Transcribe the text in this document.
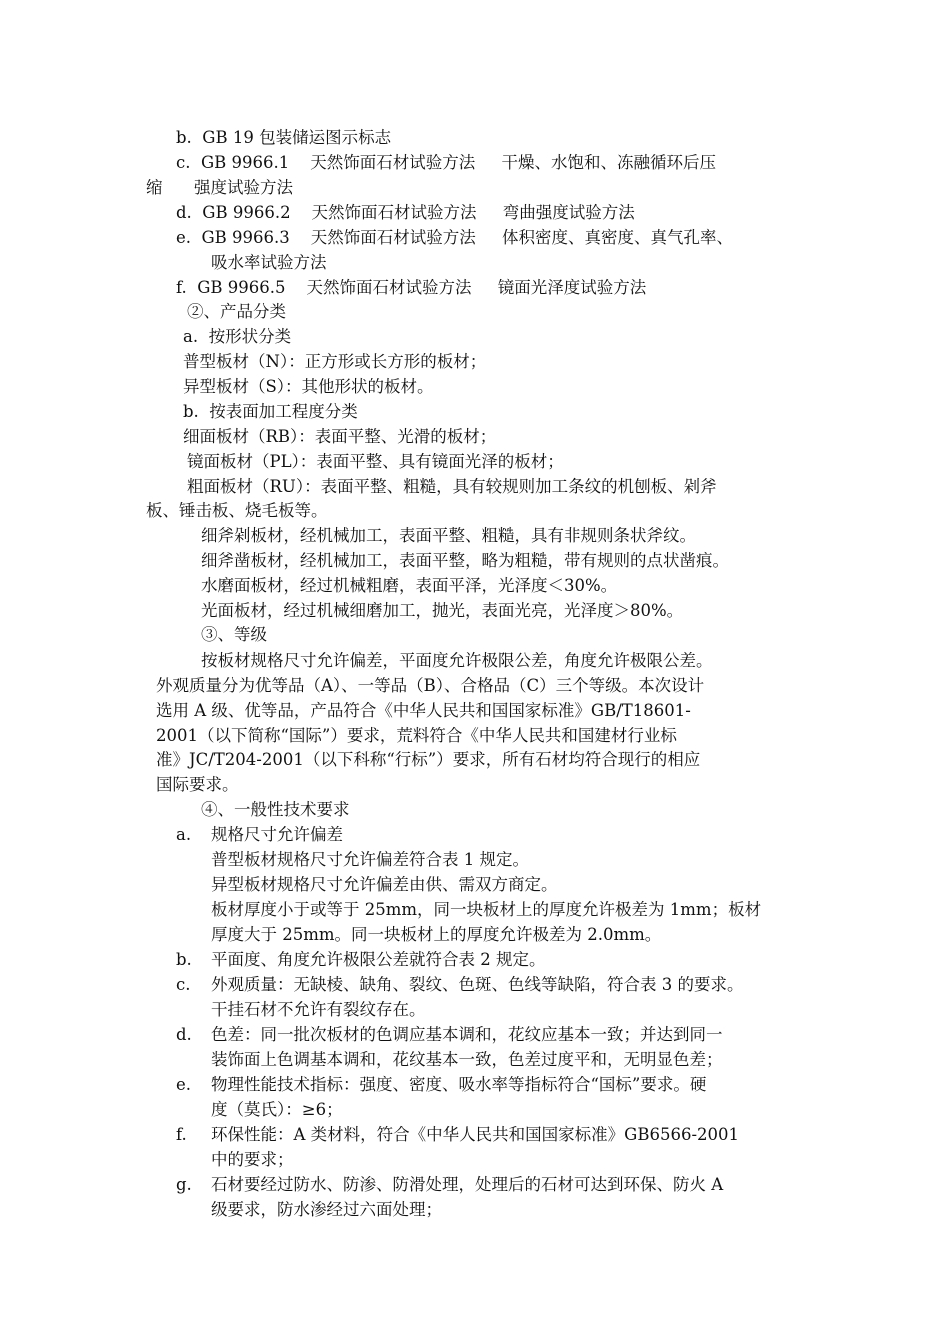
b.  GB 19 包装储运图示标志

c.  GB 9966.1    天然饰面石材试验方法     干燥、水饱和、冻融循环后压

缩      强度试验方法

d.  GB 9966.2    天然饰面石材试验方法     弯曲强度试验方法

e.  GB 9966.3    天然饰面石材试验方法     体积密度、真密度、真气孔率、

吸水率试验方法

f.  GB 9966.5    天然饰面石材试验方法     镜面光泽度试验方法

②、产品分类

a.  按形状分类

普型板材（N）：正方形或长方形的板材；

异型板材（S）：其他形状的板材。

b.  按表面加工程度分类

细面板材（RB）：表面平整、光滑的板材；

镜面板材（PL）：表面平整、具有镜面光泽的板材；

粗面板材（RU）：表面平整、粗糙，具有较规则加工条纹的机刨板、剁斧

板、锤击板、烧毛板等。

细斧剁板材，经机械加工，表面平整、粗糙，具有非规则条状斧纹。

细斧凿板材，经机械加工，表面平整，略为粗糙，带有规则的点状凿痕。

水磨面板材，经过机械粗磨，表面平泽，光泽度＜30%。

光面板材，经过机械细磨加工，抛光，表面光亮，光泽度＞80%。

③、等级

按板材规格尺寸允许偏差，平面度允许极限公差，角度允许极限公差。

外观质量分为优等品（A）、一等品（B）、合格品（C）三个等级。本次设计

选用 A 级、优等品，产品符合《中华人民共和国国家标准》GB/T18601-

2001（以下简称“国际”）要求，荒料符合《中华人民共和国建材行业标

准》JC/T204-2001（以下科称“行标”）要求，所有石材均符合现行的相应

国际要求。

④、一般性技术要求

a. 规格尺寸允许偏差

普型板材规格尺寸允许偏差符合表 1 规定。

异型板材规格尺寸允许偏差由供、需双方商定。

板材厚度小于或等于 25mm，同一块板材上的厚度允许极差为 1mm；板材

厚度大于 25mm。同一块板材上的厚度允许极差为 2.0mm。

b. 平面度、角度允许极限公差就符合表 2 规定。

c. 外观质量：无缺棱、缺角、裂纹、色斑、色线等缺陷，符合表 3 的要求。

干挂石材不允许有裂纹存在。

d. 色差：同一批次板材的色调应基本调和，花纹应基本一致；并达到同一

装饰面上色调基本调和，花纹基本一致，色差过度平和，无明显色差；

e. 物理性能技术指标：强度、密度、吸水率等指标符合“国标”要求。硬

度（莫氏）：≥6；

f. 环保性能：A 类材料，符合《中华人民共和国国家标准》GB6566-2001

中的要求；

g. 石材要经过防水、防渗、防滑处理，处理后的石材可达到环保、防火 A

级要求，防水渗经过六面处理；
